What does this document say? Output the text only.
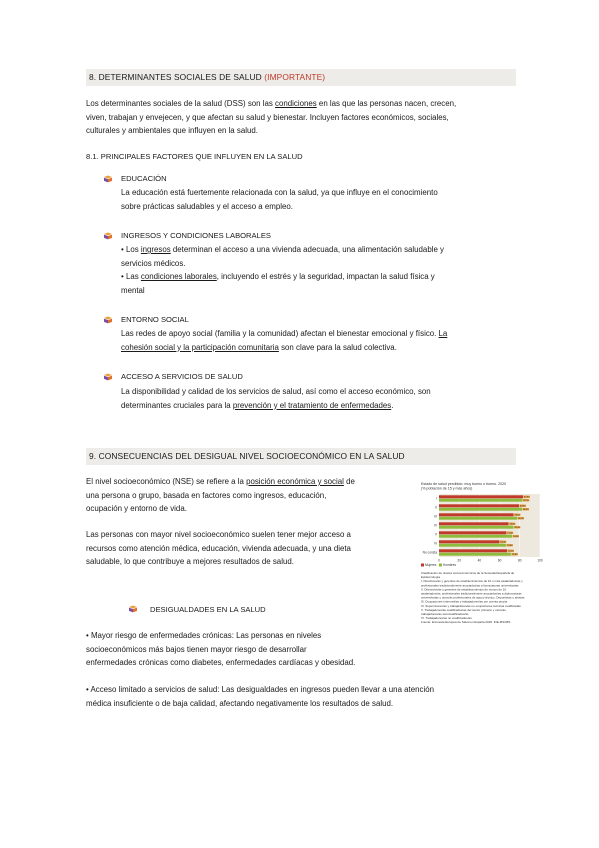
8. DETERMINANTES SOCIALES DE SALUD (IMPORTANTE)
Los determinantes sociales de la salud (DSS) son las condiciones en las que las personas nacen, crecen,
viven, trabajan y envejecen, y que afectan su salud y bienestar. Incluyen factores económicos, sociales,
culturales y ambientales que influyen en la salud.
8.1. PRINCIPALES FACTORES QUE INFLUYEN EN LA SALUD
EDUCACIÓN
La educación está fuertemente relacionada con la salud, ya que influye en el conocimiento
sobre prácticas saludables y el acceso a empleo.
INGRESOS Y CONDICIONES LABORALES
• Los ingresos determinan el acceso a una vivienda adecuada, una alimentación saludable y
servicios médicos.
• Las condiciones laborales, incluyendo el estrés y la seguridad, impactan la salud física y
mental
ENTORNO SOCIAL
Las redes de apoyo social (familia y la comunidad) afectan el bienestar emocional y físico. La
cohesión social y la participación comunitaria son clave para la salud colectiva.
ACCESO A SERVICIOS DE SALUD
La disponibilidad y calidad de los servicios de salud, así como el acceso económico, son
determinantes cruciales para la prevención y el tratamiento de enfermedades.
9. CONSECUENCIAS DEL DESIGUAL NIVEL SOCIOECONÓMICO EN LA SALUD
El nivel socioeconómico (NSE) se refiere a la posición económica y social de
una persona o grupo, basada en factores como ingresos, educación,
ocupación y entorno de vida.
Las personas con mayor nivel socioeconómico suelen tener mejor acceso a
recursos como atención médica, educación, vivienda adecuada, y una dieta
saludable, lo que contribuye a mejores resultados de salud.
DESIGUALDADES EN LA SALUD
• Mayor riesgo de enfermedades crónicas: Las personas en niveles
socioeconómicos más bajos tienen mayor riesgo de desarrollar
enfermedades crónicas como diabetes, enfermedades cardíacas y obesidad.
• Acceso limitado a servicios de salud: Las desigualdades en ingresos pueden llevar a una atención
médica insuficiente o de baja calidad, afectando negativamente los resultados de salud.
Estado de salud percibido: muy bueno o bueno. 2020
(% población de 15 y más años)
0	20	40	60	80	100
I	87,80
87,20
II	83,90
86,90
III	78,50
82,00
IV	73,50
78,30
V	71,30
76,90
VI	64,40
70,90
No consta	72,00
75,80
Mujeres Hombres
Clasificación de niveles socioeconómicos de la Sociedad Española de
Epidemiología
I. Directivos/as y gerentes de establecimientos de 10 o más asalariados/as y
profesionales tradicionalmente asociados/as a licenciaturas universitarias
II. Directivos/as y gerentes de establecimientos de menos de 10
asalariados/as, profesionales tradicionalmente asociados/as a diplomaturas
universitarias y otros/as profesionales de apoyo técnico. Deportistas y artistas
III. Ocupaciones intermedias y trabajadores/as por cuenta propia
IV. Supervisores/as y trabajadores/as en ocupaciones técnicas cualificadas
V. Trabajadores/as cualificados/as del sector primario y otros/as
trabajadores/as semicualificados/as
VI. Trabajadores/as no cualificados/as
Fuente: Encuesta Europea de Salud en España 2020. INE-MSCBS
